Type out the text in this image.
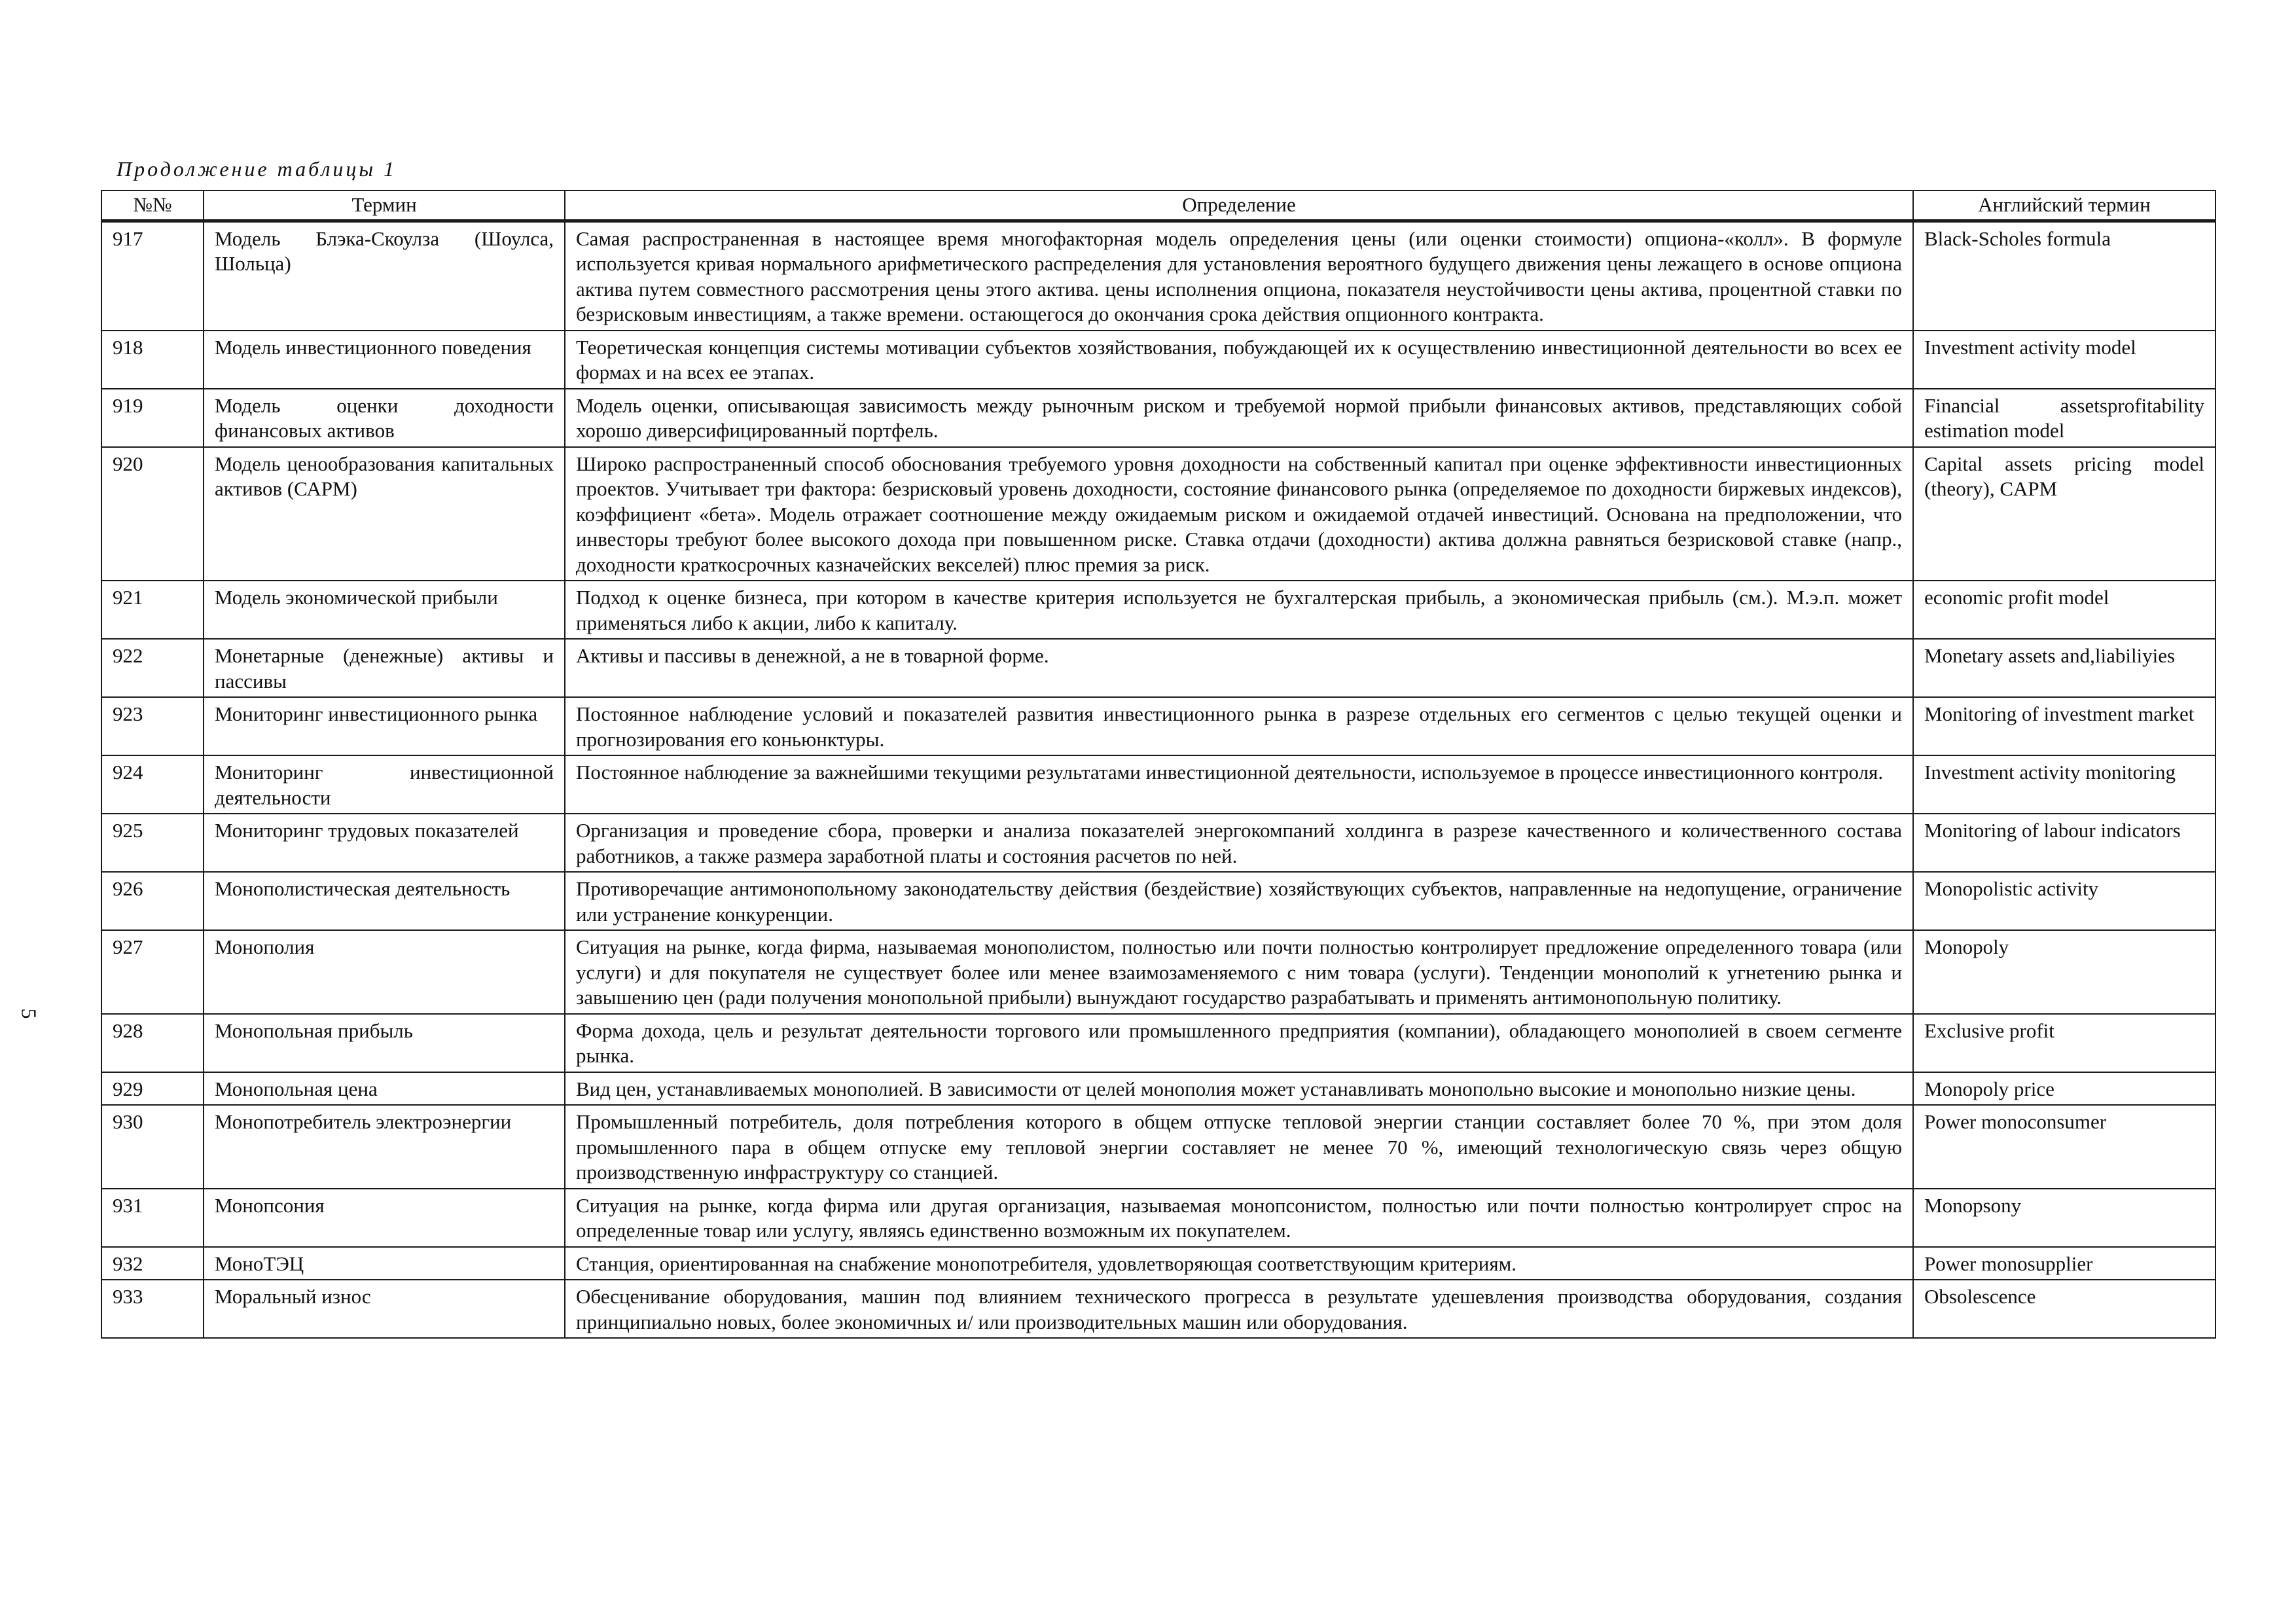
Продолжение таблицы 1
5
№№	Термин	Определение	Английский термин
917	Модель Блэка-Скоулза (Шоулса, Шольца)	Самая распространенная в настоящее время многофакторная модель определения цены (или оценки стоимости) опциона-«колл». В формуле используется кривая нормального арифметического распределения для установления вероятного будущего движения цены лежащего в основе опциона актива путем совместного рассмотрения цены этого актива. цены исполнения опциона, показателя неустойчивости цены актива, процентной ставки по безрисковым инвестициям, а также времени. остающегося до окончания срока действия опционного контракта.	Black-Scholes formula
918	Модель инвестиционного поведения	Теоретическая концепция системы мотивации субъектов хозяйствования, побуждающей их к осуществлению инвестиционной деятельности во всех ее формах и на всех ее этапах.	Investment activity model
919	Модель оценки доходности финансовых активов	Модель оценки, описывающая зависимость между рыночным риском и требуемой нормой прибыли финансовых активов, представляющих собой хорошо диверсифицированный портфель.	Financial assetsprofitability estimation model
920	Модель ценообразования капитальных активов (САРМ)	Широко распространенный способ обоснования требуемого уровня доходности на собственный капитал при оценке эффективности инвестиционных проектов. Учитывает три фактора: безрисковый уровень доходности, состояние финансового рынка (определяемое по доходности биржевых индексов), коэффициент «бета». Модель отражает соотношение между ожидаемым риском и ожидаемой отдачей инвестиций. Основана на предположении, что инвесторы требуют более высокого дохода при повышенном риске. Ставка отдачи (доходности) актива должна равняться безрисковой ставке (напр., доходности краткосрочных казначейских векселей) плюс премия за риск.	Capital assets pricing model (theory), CAPM
921	Модель экономической прибыли	Подход к оценке бизнеса, при котором в качестве критерия используется не бухгалтерская прибыль, а экономическая прибыль (см.). М.э.п. может применяться либо к акции, либо к капиталу.	economic profit model
922	Монетарные (денежные) активы и пассивы	Активы и пассивы в денежной, а не в товарной форме.	Monetary assets and,liabiliyies
923	Мониторинг инвестиционного рынка	Постоянное наблюдение условий и показателей развития инвестиционного рынка в разрезе отдельных его сегментов с целью текущей оценки и прогнозирования его коньюнктуры.	Monitoring of investment market
924	Мониторинг инвестиционной деятельности	Постоянное наблюдение за важнейшими текущими результатами инвестиционной деятельности, используемое в процессе инвестиционного контроля.	Investment activity monitoring
925	Мониторинг трудовых показателей	Организация и проведение сбора, проверки и анализа показателей энергокомпаний холдинга в разрезе качественного и количественного состава работников, а также размера заработной платы и состояния расчетов по ней.	Monitoring of labour indicators
926	Монополистическая деятельность	Противоречащие антимонопольному законодательству действия (бездействие) хозяйствующих субъектов, направленные на недопущение, ограничение или устранение конкуренции.	Monopolistic activity
927	Монополия	Ситуация на рынке, когда фирма, называемая монополистом, полностью или почти полностью контролирует предложение определенного товара (или услуги) и для покупателя не существует более или менее взаимозаменяемого с ним товара (услуги). Тенденции монополий к угнетению рынка и завышению цен (ради получения монопольной прибыли) вынуждают государство разрабатывать и применять антимонопольную политику.	Monopoly
928	Монопольная прибыль	Форма дохода, цель и результат деятельности торгового или промышленного предприятия (компании), обладающего монополией в своем сегменте рынка.	Exclusive profit
929	Монопольная цена	Вид цен, устанавливаемых монополией. В зависимости от целей монополия может устанавливать монопольно высокие и монопольно низкие цены.	Monopoly price
930	Монопотребитель электроэнергии	Промышленный потребитель, доля потребления которого в общем отпуске тепловой энергии станции составляет более 70 %, при этом доля промышленного пара в общем отпуске ему тепловой энергии составляет не менее 70 %, имеющий технологическую связь через общую производственную инфраструктуру со станцией.	Power monoconsumer
931	Монопсония	Ситуация на рынке, когда фирма или другая организация, называемая монопсонистом, полностью или почти полностью контролирует спрос на определенные товар или услугу, являясь единственно возможным их покупателем.	Monopsony
932	МоноТЭЦ	Станция, ориентированная на снабжение монопотребителя, удовлетворяющая соответствующим критериям.	Power monosupplier
933	Моральный износ	Обесценивание оборудования, машин под влиянием технического прогресса в результате удешевления производства оборудования, создания принципиально новых, более экономичных и/ или производительных машин или оборудования.	Obsolescence
